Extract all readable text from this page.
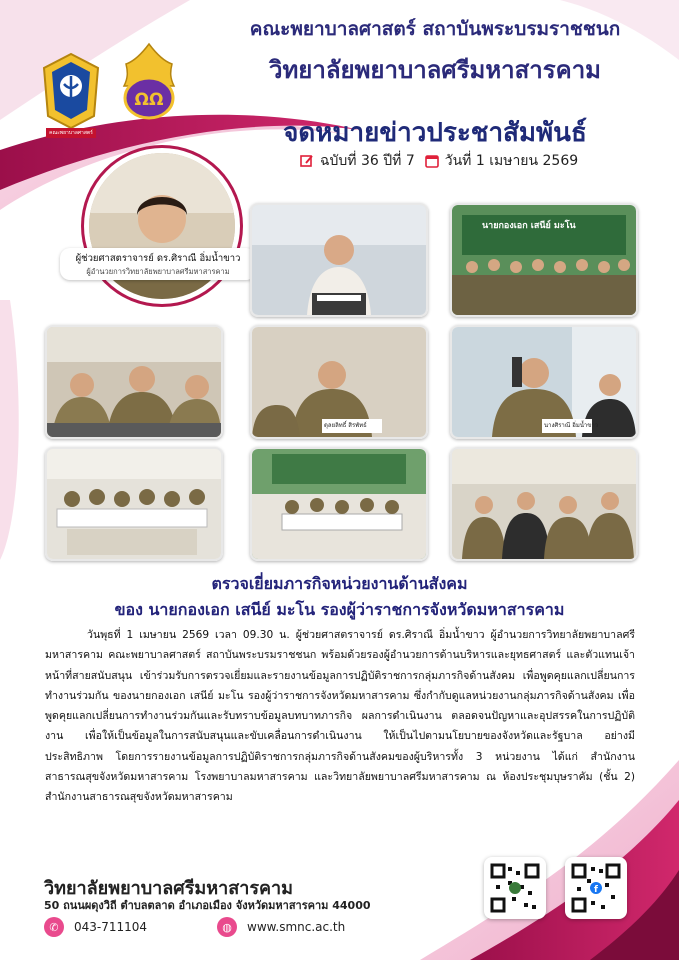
คณะพยาบาลศาสตร์
ΩΩ
คณะพยาบาลศาสตร์ สถาบันพระบรมราชชนก
วิทยาลัยพยาบาลศรีมหาสารคาม
จดหมายข่าวประชาสัมพันธ์
ฉบับที่ 36 ปีที่ 7 วันที่ 1 เมษายน 2569
ผู้ช่วยศาสตราจารย์ ดร.ศิราณี อิ่มน้ำขาว
ผู้อำนวยการวิทยาลัยพยาบาลศรีมหาสารคาม
นายกองเอก เสนีย์ มะโน
ดุลยลิทธิ์ สิรพัทธ์	นางศิราณี อิ่มน้ำขาว
ตรวจเยี่ยมภารกิจหน่วยงานด้านสังคม
ของ นายกองเอก เสนีย์ มะโน รองผู้ว่าราชการจังหวัดมหาสารคาม
วันพุธที่ 1 เมษายน 2569 เวลา 09.30 น. ผู้ช่วยศาสตราจารย์ ดร.ศิราณี อิ่มน้ำขาว ผู้อำนวยการวิทยาลัยพยาบาลศรีมหาสารคาม คณะพยาบาลศาสตร์ สถาบันพระบรมราชชนก พร้อมด้วยรองผู้อำนวยการด้านบริหารและยุทธศาสตร์ และตัวแทนเจ้าหน้าที่สายสนับสนุน เข้าร่วมรับการตรวจเยี่ยมและรายงานข้อมูลการปฏิบัติราชการกลุ่มภารกิจด้านสังคม เพื่อพูดคุยแลกเปลี่ยนการทำงานร่วมกัน ของนายกองเอก เสนีย์ มะโน รองผู้ว่าราชการจังหวัดมหาสารคาม ซึ่งกำกับดูแลหน่วยงานกลุ่มภารกิจด้านสังคม เพื่อพูดคุยแลกเปลี่ยนการทำงานร่วมกันและรับทราบข้อมูลบทบาทภารกิจ ผลการดำเนินงาน ตลอดจนปัญหาและอุปสรรคในการปฏิบัติงาน เพื่อให้เป็นข้อมูลในการสนับสนุนและขับเคลื่อนการดำเนินงาน ให้เป็นไปตามนโยบายของจังหวัดและรัฐบาล อย่างมีประสิทธิภาพ โดยการรายงานข้อมูลการปฏิบัติราชการกลุ่มภารกิจด้านสังคมของผู้บริหารทั้ง 3 หน่วยงาน ได้แก่ สำนักงานสาธารณสุขจังหวัดมหาสารคาม โรงพยาบาลมหาสารคาม และวิทยาลัยพยาบาลศรีมหาสารคาม ณ ห้องประชุมบุษราคัม (ชั้น 2) สำนักงานสาธารณสุขจังหวัดมหาสารคาม
วิทยาลัยพยาบาลศรีมหาสารคาม
50 ถนนผดุงวิถี ตำบลตลาด อำเภอเมือง จังหวัดมหาสารคาม 44000
✆	043-711104	◍	www.smnc.ac.th
f
